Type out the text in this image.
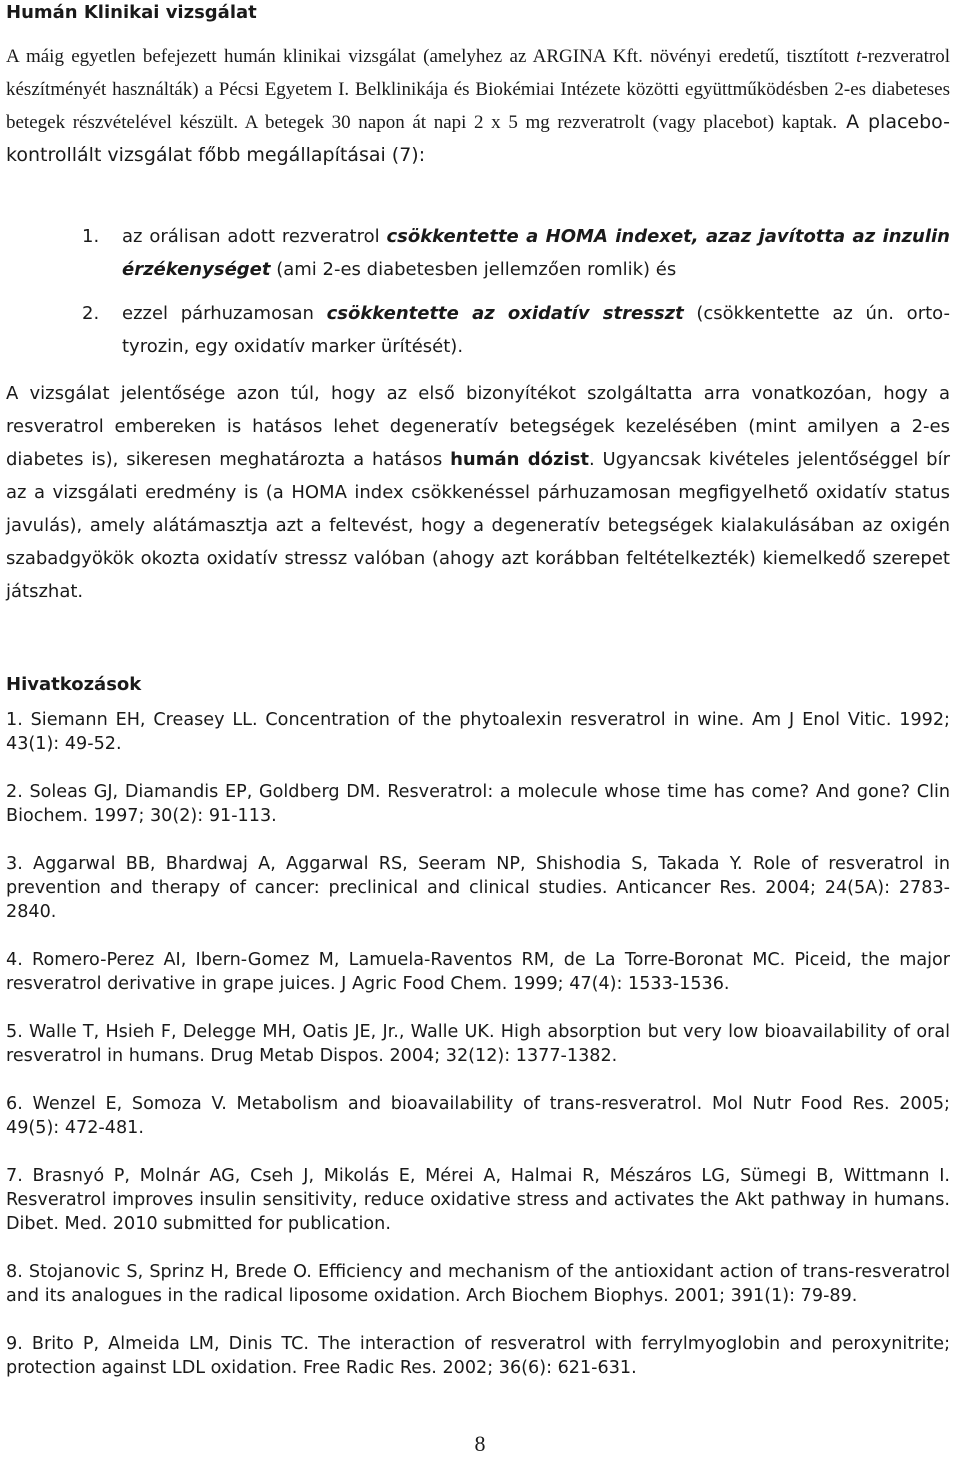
Humán Klinikai vizsgálat
A máig egyetlen befejezett humán klinikai vizsgálat (amelyhez az ARGINA Kft. növényi eredetű, tisztított t-rezveratrol készítményét használták) a Pécsi Egyetem I. Belklinikája és Biokémiai Intézete közötti együttműködésben 2-es diabeteses betegek részvételével készült. A betegek 30 napon át napi 2 x 5 mg rezveratrolt (vagy placebot) kaptak. A placebo-kontrollált vizsgálat főbb megállapításai (7):
1.	az orálisan adott rezveratrol csökkentette a HOMA indexet, azaz javította az inzulin érzékenységet (ami 2-es diabetesben jellemzően romlik) és
2.	ezzel párhuzamosan csökkentette az oxidatív stresszt (csökkentette az ún. orto-tyrozin, egy oxidatív marker ürítését).
A vizsgálat jelentősége azon túl, hogy az első bizonyítékot szolgáltatta arra vonatkozóan, hogy a resveratrol embereken is hatásos lehet degeneratív betegségek kezelésében (mint amilyen a 2-es diabetes is), sikeresen meghatározta a hatásos humán dózist. Ugyancsak kivételes jelentőséggel bír az a vizsgálati eredmény is (a HOMA index csökkenéssel párhuzamosan megfigyelhető oxidatív status javulás), amely alátámasztja azt a feltevést, hogy a degeneratív betegségek kialakulásában az oxigén szabadgyökök okozta oxidatív stressz valóban (ahogy azt korábban feltételkezték) kiemelkedő szerepet játszhat.
Hivatkozások

1. Siemann EH, Creasey LL. Concentration of the phytoalexin resveratrol in wine. Am J Enol Vitic. 1992; 43(1): 49-52.

2. Soleas GJ, Diamandis EP, Goldberg DM. Resveratrol: a molecule whose time has come? And gone? Clin Biochem. 1997; 30(2): 91-113.

3. Aggarwal BB, Bhardwaj A, Aggarwal RS, Seeram NP, Shishodia S, Takada Y. Role of resveratrol in prevention and therapy of cancer: preclinical and clinical studies. Anticancer Res. 2004; 24(5A): 2783-2840.

4. Romero-Perez AI, Ibern-Gomez M, Lamuela-Raventos RM, de La Torre-Boronat MC. Piceid, the major resveratrol derivative in grape juices. J Agric Food Chem. 1999; 47(4): 1533-1536.

5. Walle T, Hsieh F, Delegge MH, Oatis JE, Jr., Walle UK. High absorption but very low bioavailability of oral resveratrol in humans. Drug Metab Dispos. 2004; 32(12): 1377-1382.

6. Wenzel E, Somoza V. Metabolism and bioavailability of trans-resveratrol. Mol Nutr Food Res. 2005; 49(5): 472-481.

7. Brasnyó P, Molnár AG, Cseh J, Mikolás E, Mérei A, Halmai R, Mészáros LG, Sümegi B, Wittmann I. Resveratrol improves insulin sensitivity, reduce oxidative stress and activates the Akt pathway in humans. Dibet. Med. 2010 submitted for publication.

8. Stojanovic S, Sprinz H, Brede O. Efficiency and mechanism of the antioxidant action of trans-resveratrol and its analogues in the radical liposome oxidation. Arch Biochem Biophys. 2001; 391(1): 79-89.

9. Brito P, Almeida LM, Dinis TC. The interaction of resveratrol with ferrylmyoglobin and peroxynitrite; protection against LDL oxidation. Free Radic Res. 2002; 36(6): 621-631.

8
